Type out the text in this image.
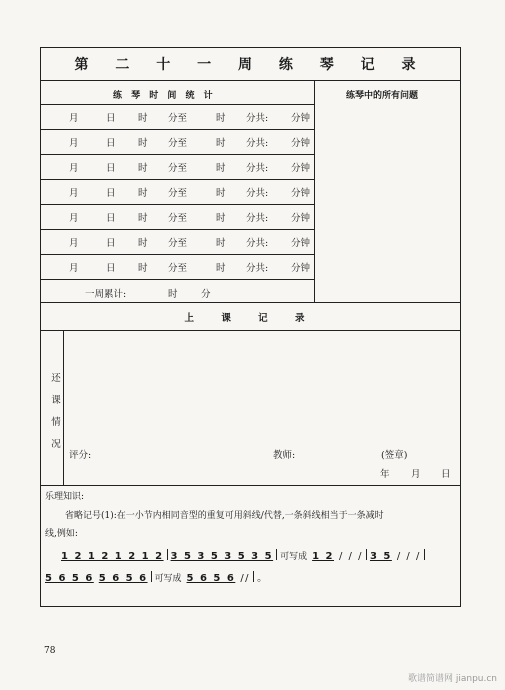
第 二 十 一 周 练 琴 记 录
练 琴 时 间 统 计	练琴中的所有问题
月	日 时 分至	时 分共: 分钟
月	日 时 分至	时 分共: 分钟
月	日 时 分至	时 分共: 分钟
月	日 时 分至	时 分共: 分钟
月	日 时 分至	时 分共: 分钟
月	日 时 分至	时 分共: 分钟
月	日 时 分至	时 分共: 分钟
一周累计:	时 分
上 课 记 录
还
课
情
况
评分:	教师:	(签章)
年 月 日
乐理知识:
省略记号(1):在一小节内相同音型的重复可用斜线/代替,一条斜线相当于一条减时
线,例如:
1 2 1 2 1 2 1 2 3 5 3 5 3 5 3 5 可写成 1 2 / / / 3 5 / / /
5 6 5 6 5 6 5 6 可写成 5 6 5 6 // 。
78
歌谱简谱网 jianpu.cn
